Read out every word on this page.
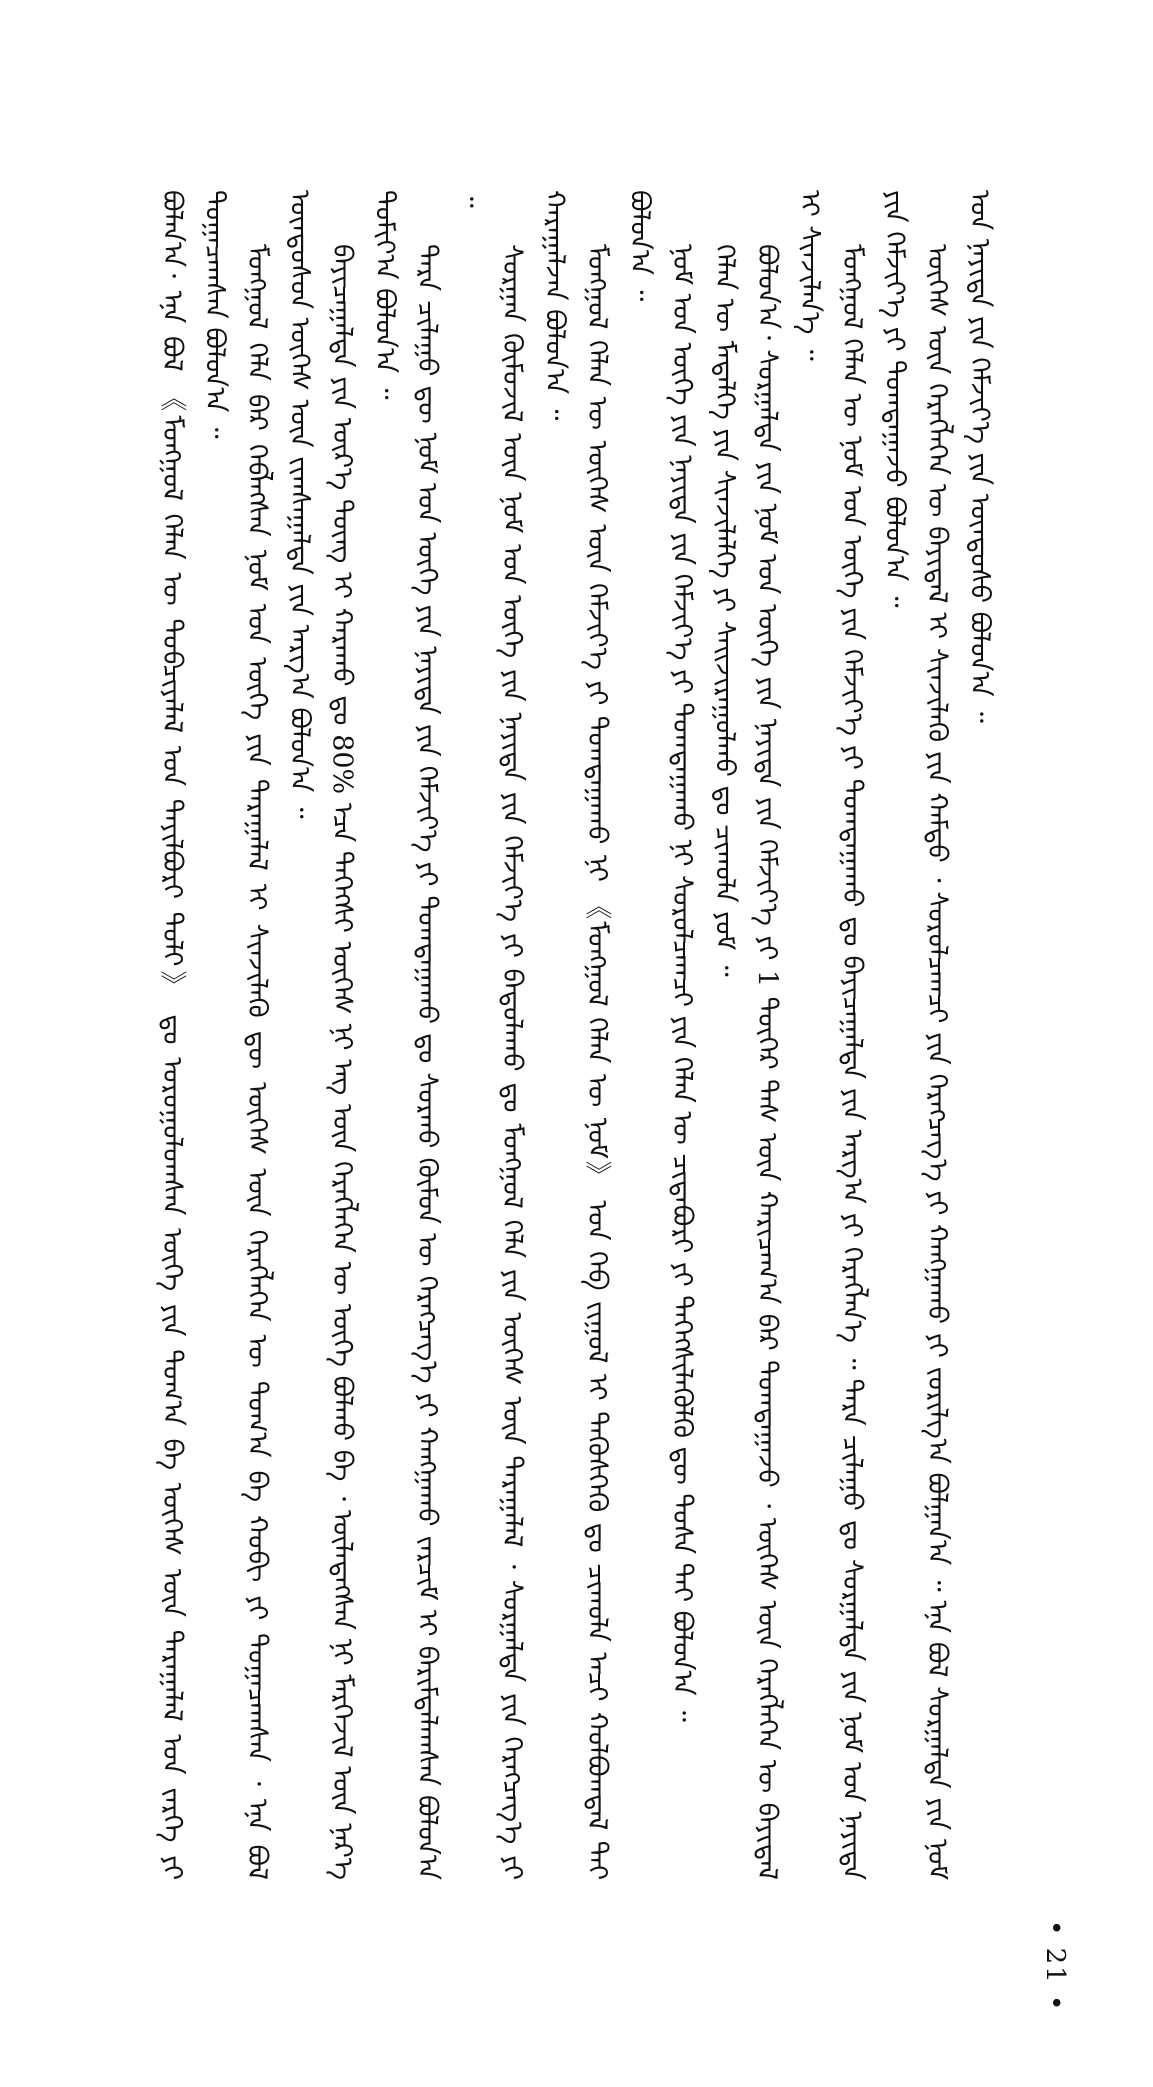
ᠪᠣᠯᠠᠨ᠎ᠠ᠂ ᠡᠨᠡ ᠪᠣᠯ 《ᠮᠣᠩᠭᠣᠯ ᠬᠡᠯᠡᠨ ᠦ ᠲᠣᠪᠴᠢᠶᠠᠯᠠᠯ ᠤᠨ ᠲᠠᠶᠢᠯᠪᠤᠷᠢ ᠲᠣᠯᠢ》 ᠳᠤ ᠣᠷᠤᠭᠤᠯᠤᠭᠰᠠᠨ ᠦᠭᠡ ᠶᠢᠨ ᠲᠣᠭ᠎ᠠ ᠪᠠ ᠦᠭᠡᠰ ᠦᠨ ᠳᠠᠷᠠᠭᠠᠯᠠᠯ ᠤᠨ ᠵᠡᠷᠭᠡ ᠶᠢ ᠲᠣᠭᠠᠴᠠᠭᠰᠠᠨ ᠪᠣᠯᠣᠨ᠎ᠠ ᠃ ᠮᠣᠩᠭᠣᠯ ᠬᠡᠯᠡ ᠪᠡᠷ ᠬᠡᠪᠯᠡᠭᠰᠡᠨ ᠨᠣᠮ ᠤᠨ ᠦᠭᠡ ᠶᠢᠨ ᠳᠠᠷᠠᠭᠠᠯᠠᠯ ᠢ ᠰᠢᠨᠵᠢᠯᠡᠬᠦ ᠳᠦ ᠦᠭᠡᠰ ᠦᠨ ᠬᠡᠷᠡᠭᠯᠡᠭᠡᠨ ᠦ ᠲᠣᠭ᠎ᠠ ᠪᠠ ᠬᠤᠪᠢ ᠶᠢ ᠲᠣᠭᠠᠴᠠᠭᠰᠠᠨ ᠂ ᠡᠨᠡ ᠪᠣᠯ ᠦᠨᠳᠦᠰᠦᠨ ᠦᠭᠡᠰ ᠦᠨ ᠵᠢᠭᠰᠠᠭᠠᠯᠲᠠ ᠶᠢᠨ ᠠᠷᠭ᠎ᠠ ᠪᠣᠯᠣᠨ᠎ᠠ ᠃ ᠪᠠᠶᠢᠴᠠᠭᠠᠯᠲᠠ ᠶᠢᠨ ᠦᠷ᠎ᠡ ᠳᠦᠩ ᠢ ᠬᠠᠷᠠᠬᠤ ᠳᠤ 80% ᠡᠴᠡ ᠳᠡᠭᠡᠭᠰᠢ ᠦᠭᠡᠰ ᠨᠢ ᠡᠩ ᠦᠨ ᠬᠡᠷᠡᠭᠯᠡᠭᠡᠨ ᠦ ᠦᠭᠡ ᠪᠣᠯᠬᠤ ᠪᠠ ᠂ ᠦᠯᠡᠳᠡᠭᠰᠡᠨ ᠨᠢ ᠮᠡᠷᠭᠡᠵᠢᠯ ᠦᠨ ᠨᠡᠷ᠎ᠡ ᠲᠣᠮᠢᠶ᠎ᠠ ᠪᠣᠯᠣᠨ᠎ᠠ ᠃ ᠲᠡᠷᠡ ᠴᠢᠯᠠᠭᠤ ᠳᠦ ᠨᠣᠮ ᠤᠨ ᠦᠭᠡ ᠶᠢᠨ ᠨᠡᠶᠢᠲᠡ ᠶᠢᠨ ᠬᠡᠮᠵᠢᠶ᠎ᠡ ᠶᠢ ᠲᠣᠭᠲᠠᠭᠠᠬᠤ ᠳᠤ ᠰᠤᠷᠬᠤ ᠬᠦᠮᠦᠨ ᠦ ᠬᠡᠷᠡᠭᠴᠡᠭ᠎ᠡ ᠶᠢ ᠬᠠᠩᠭᠠᠬᠤ ᠵᠠᠷᠴᠢᠮ ᠢ ᠪᠠᠷᠢᠮᠲᠠᠯᠠᠭᠰᠠᠨ ᠪᠣᠯᠣᠨ᠎ᠠ ᠃

ᠰᠤᠷᠭᠠᠨ ᠬᠦᠮᠦᠵᠢᠯ ᠦᠨ ᠨᠣᠮ ᠤᠨ ᠦᠭᠡ ᠶᠢᠨ ᠨᠡᠶᠢᠲᠡ ᠶᠢᠨ ᠬᠡᠮᠵᠢᠶ᠎ᠡ ᠶᠢ ᠪᠠᠲᠤᠯᠠᠬᠤ ᠳᠤ ᠮᠣᠩᠭᠣᠯ ᠬᠡᠯᠡ ᠶᠢᠨ ᠦᠭᠡᠰ ᠦᠨ ᠳᠠᠷᠠᠭᠠᠯᠠᠯ ᠂ ᠰᠤᠷᠭᠠᠯᠲᠠ ᠶᠢᠨ ᠬᠡᠷᠡᠭᠴᠡᠭ᠎ᠡ ᠶᠢ ᠬᠠᠷᠠᠭᠠᠯᠵᠠᠨ ᠪᠣᠯᠣᠨ᠎ᠠ ᠃ ᠮᠣᠩᠭᠣᠯ ᠬᠡᠯᠡᠨ ᠦ ᠦᠭᠡᠰ ᠦᠨ ᠬᠡᠮᠵᠢᠶ᠎ᠡ ᠶᠢ ᠲᠣᠭᠲᠠᠭᠠᠬᠤ ᠨᠢ 《ᠮᠣᠩᠭᠣᠯ ᠬᠡᠯᠡᠨ ᠦ ᠨᠣᠮ》 ᠤᠨ ᠬᠡᠪ ᠵᠢᠭᠤᠯ ᠢ ᠲᠡᠭᠦᠰᠬᠡᠬᠦ ᠳᠤ ᠴᠢᠬᠤᠯᠠ ᠠᠴᠢ ᠬᠣᠯᠪᠣᠭᠳᠠᠯ ᠲᠠᠶ ᠪᠣᠯᠣᠨ᠎ᠠ ᠃ ᠨᠣᠮ ᠤᠨ ᠦᠭᠡ ᠶᠢᠨ ᠨᠡᠶᠢᠲᠡ ᠶᠢᠨ ᠬᠡᠮᠵᠢᠶ᠎ᠡ ᠶᠢ ᠲᠣᠭᠲᠠᠭᠠᠬᠤ ᠨᠢ ᠰᠤᠷᠤᠯᠴᠠᠭᠴᠢ ᠶᠢᠨ ᠬᠡᠯᠡᠨ ᠦ ᠴᠢᠳᠠᠪᠤᠷᠢ ᠶᠢ ᠳᠡᠭᠡᠭᠰᠢᠯᠡᠭᠦᠯᠬᠦ ᠳᠦ ᠲᠤᠰᠠ ᠲᠠᠢ ᠪᠣᠯᠣᠨ᠎ᠠ ᠃ ᠬᠡᠯᠡᠨ ᠦ ᠮᠡᠳᠡᠯᠭᠡ ᠶᠢᠨ ᠰᠢᠨᠵᠢᠯᠡᠯᠭᠡ ᠶᠢ ᠰᠠᠢᠵᠢᠷᠠᠭᠤᠯᠬᠤ ᠳᠤ ᠴᠢᠬᠤᠯᠠ ᠶᠤᠮ ᠃ ᠪᠣᠯᠣᠨ᠎ᠠ᠂ ᠰᠤᠷᠭᠠᠯᠲᠠ ᠶᠢᠨ ᠨᠣᠮ ᠤᠨ ᠦᠭᠡ ᠶᠢᠨ ᠨᠡᠶᠢᠲᠡ ᠶᠢᠨ ᠬᠡᠮᠵᠢᠶ᠎ᠡ ᠶᠢ 1 ᠳᠦᠭᠡᠷ ᠳᠡᠰ ᠦᠨ ᠬᠠᠷᠢᠴᠠᠭ᠎ᠠ ᠪᠠᠷ ᠲᠣᠭᠲᠠᠭᠠᠵᠤ ᠂ ᠦᠭᠡᠰ ᠦᠨ ᠬᠡᠷᠡᠭᠯᠡᠭᠡᠨ ᠦ ᠪᠠᠶᠢᠳᠠᠯ ᠢ ᠰᠢᠨᠵᠢᠯᠡᠨ᠎ᠡ ᠃ ᠮᠣᠩᠭᠣᠯ ᠬᠡᠯᠡᠨ ᠦ ᠨᠣᠮ ᠤᠨ ᠦᠭᠡ ᠶᠢᠨ ᠬᠡᠮᠵᠢᠶ᠎ᠡ ᠶᠢ ᠲᠣᠭᠲᠠᠭᠠᠬᠤ ᠳᠤ ᠪᠠᠶᠢᠴᠠᠭᠠᠯᠲᠠ ᠶᠢᠨ ᠠᠷᠭ᠎ᠠ ᠶᠢ ᠬᠡᠷᠡᠭᠯᠡᠨ᠎ᠡ ᠃ ᠲᠡᠷᠡ ᠴᠢᠯᠠᠭᠤ ᠳᠤ ᠰᠤᠷᠭᠠᠯᠲᠠ ᠶᠢᠨ ᠨᠣᠮ ᠤᠨ ᠨᠡᠶᠢᠲᠡ ᠶᠢᠨ ᠬᠡᠮᠵᠢᠶ᠎ᠡ ᠶᠢ ᠲᠣᠭᠲᠠᠭᠠᠵᠤ ᠪᠣᠯᠣᠨ᠎ᠠ ᠃ ᠦᠭᠡᠰ ᠦᠨ ᠬᠡᠷᠡᠭᠯᠡᠭᠡᠨ ᠦ ᠪᠠᠶᠢᠳᠠᠯ ᠢ ᠰᠢᠨᠵᠢᠯᠡᠬᠦ ᠶᠢᠨ ᠬᠠᠮᠲᠤ ᠂ ᠰᠤᠷᠤᠯᠴᠠᠭᠴᠢ ᠶᠢᠨ ᠬᠡᠷᠡᠭᠴᠡᠭ᠎ᠡ ᠶᠢ ᠬᠠᠩᠭᠠᠬᠤ ᠶᠢ ᠵᠣᠷᠢᠯᠭ᠎ᠠ ᠪᠣᠯᠭᠠᠨ᠎ᠠ ᠃ ᠡᠨᠡ ᠪᠣᠯ ᠰᠤᠷᠭᠠᠯᠲᠠ ᠶᠢᠨ ᠨᠣᠮ ᠤᠨ ᠨᠡᠶᠢᠲᠡ ᠶᠢᠨ ᠬᠡᠮᠵᠢᠶ᠎ᠡ ᠶᠢᠨ ᠦᠨᠳᠦᠰᠦ ᠪᠣᠯᠣᠨ᠎ᠠ ᠃

• 21 •
